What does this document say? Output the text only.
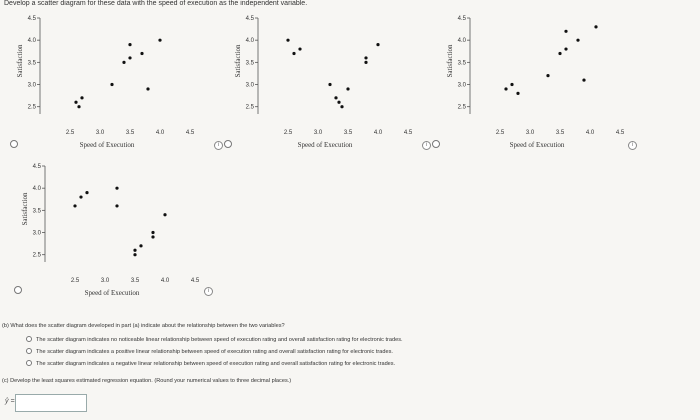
Develop a scatter diagram for these data with the speed of execution as the independent variable.
4.5
4.0
3.5
3.0
2.5
2.5	3.0	3.5	4.0	4.5
Speed of Execution
Satisfaction
4.5
4.0
3.5
3.0
2.5
2.5	3.0	3.5	4.0	4.5
Speed of Execution
Satisfaction
i
4.5
4.0
3.5
3.0
2.5
2.5	3.0	3.5	4.0	4.5
Speed of Execution
Satisfaction
i	i
4.5
4.0
3.5
3.0
2.5
2.5	3.0	3.5	4.0	4.5
Speed of Execution
Satisfaction
i
(b) What does the scatter diagram developed in part (a) indicate about the relationship between the two variables?
The scatter diagram indicates no noticeable linear relationship between speed of execution rating and overall satisfaction rating for electronic trades.
The scatter diagram indicates a positive linear relationship between speed of execution rating and overall satisfaction rating for electronic trades.
The scatter diagram indicates a negative linear relationship between speed of execution rating and overall satisfaction rating for electronic trades.
(c) Develop the least squares estimated regression equation. (Round your numerical values to three decimal places.)
ŷ =
